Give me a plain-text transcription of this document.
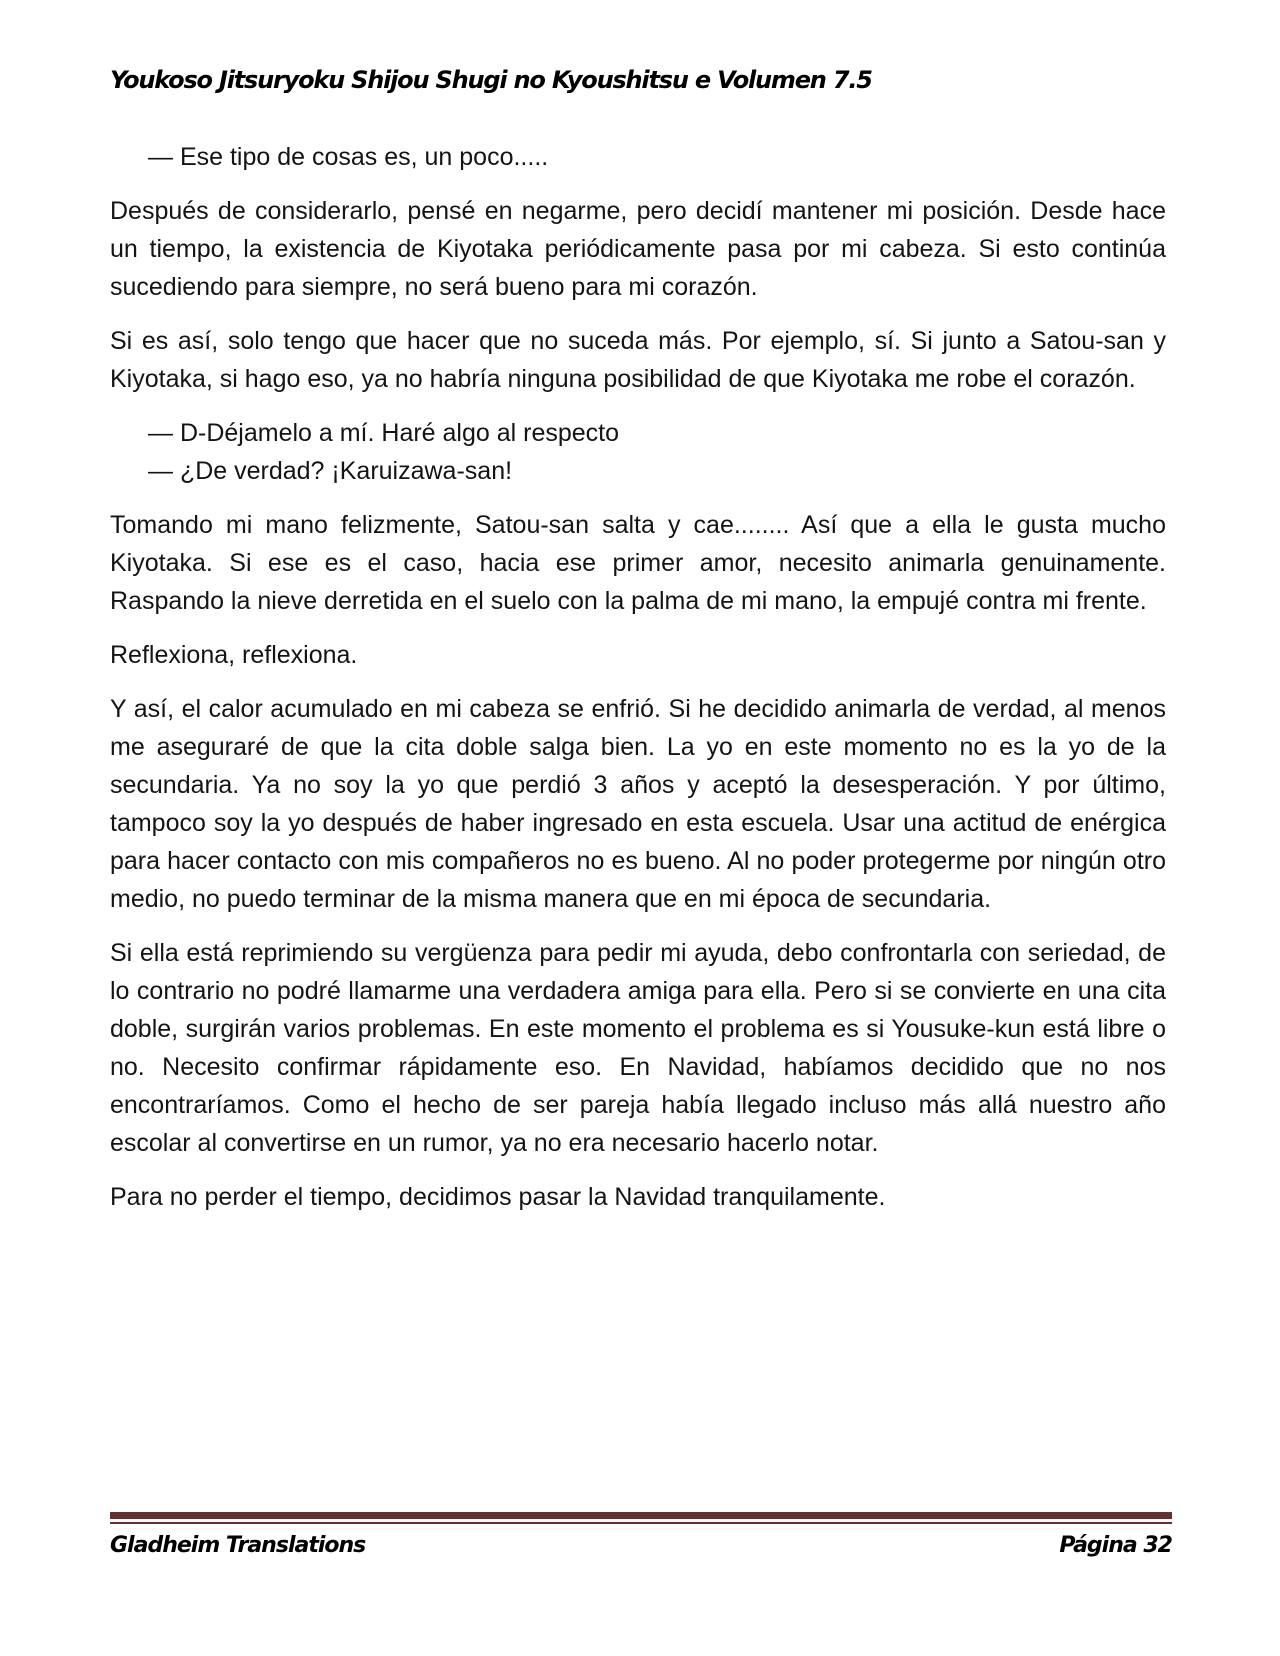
Youkoso Jitsuryoku Shijou Shugi no Kyoushitsu e Volumen 7.5

— Ese tipo de cosas es, un poco.....

Después de considerarlo, pensé en negarme, pero decidí mantener mi posición. Desde hace un tiempo, la existencia de Kiyotaka periódicamente pasa por mi cabeza. Si esto continúa sucediendo para siempre, no será bueno para mi corazón.

Si es así, solo tengo que hacer que no suceda más. Por ejemplo, sí. Si junto a Satou-san y Kiyotaka, si hago eso, ya no habría ninguna posibilidad de que Kiyotaka me robe el corazón.

— D-Déjamelo a mí. Haré algo al respecto
— ¿De verdad? ¡Karuizawa-san!

Tomando mi mano felizmente, Satou-san salta y cae........ Así que a ella le gusta mucho Kiyotaka. Si ese es el caso, hacia ese primer amor, necesito animarla genuinamente. Raspando la nieve derretida en el suelo con la palma de mi mano, la empujé contra mi frente.

Reflexiona, reflexiona.

Y así, el calor acumulado en mi cabeza se enfrió. Si he decidido animarla de verdad, al menos me aseguraré de que la cita doble salga bien. La yo en este momento no es la yo de la secundaria. Ya no soy la yo que perdió 3 años y aceptó la desesperación. Y por último, tampoco soy la yo después de haber ingresado en esta escuela. Usar una actitud de enérgica para hacer contacto con mis compañeros no es bueno. Al no poder protegerme por ningún otro medio, no puedo terminar de la misma manera que en mi época de secundaria.

Si ella está reprimiendo su vergüenza para pedir mi ayuda, debo confrontarla con seriedad, de lo contrario no podré llamarme una verdadera amiga para ella. Pero si se convierte en una cita doble, surgirán varios problemas. En este momento el problema es si Yousuke-kun está libre o no. Necesito confirmar rápidamente eso. En Navidad, habíamos decidido que no nos encontraríamos. Como el hecho de ser pareja había llegado incluso más allá nuestro año escolar al convertirse en un rumor, ya no era necesario hacerlo notar.

Para no perder el tiempo, decidimos pasar la Navidad tranquilamente.

Gladheim Translations	Página 32
